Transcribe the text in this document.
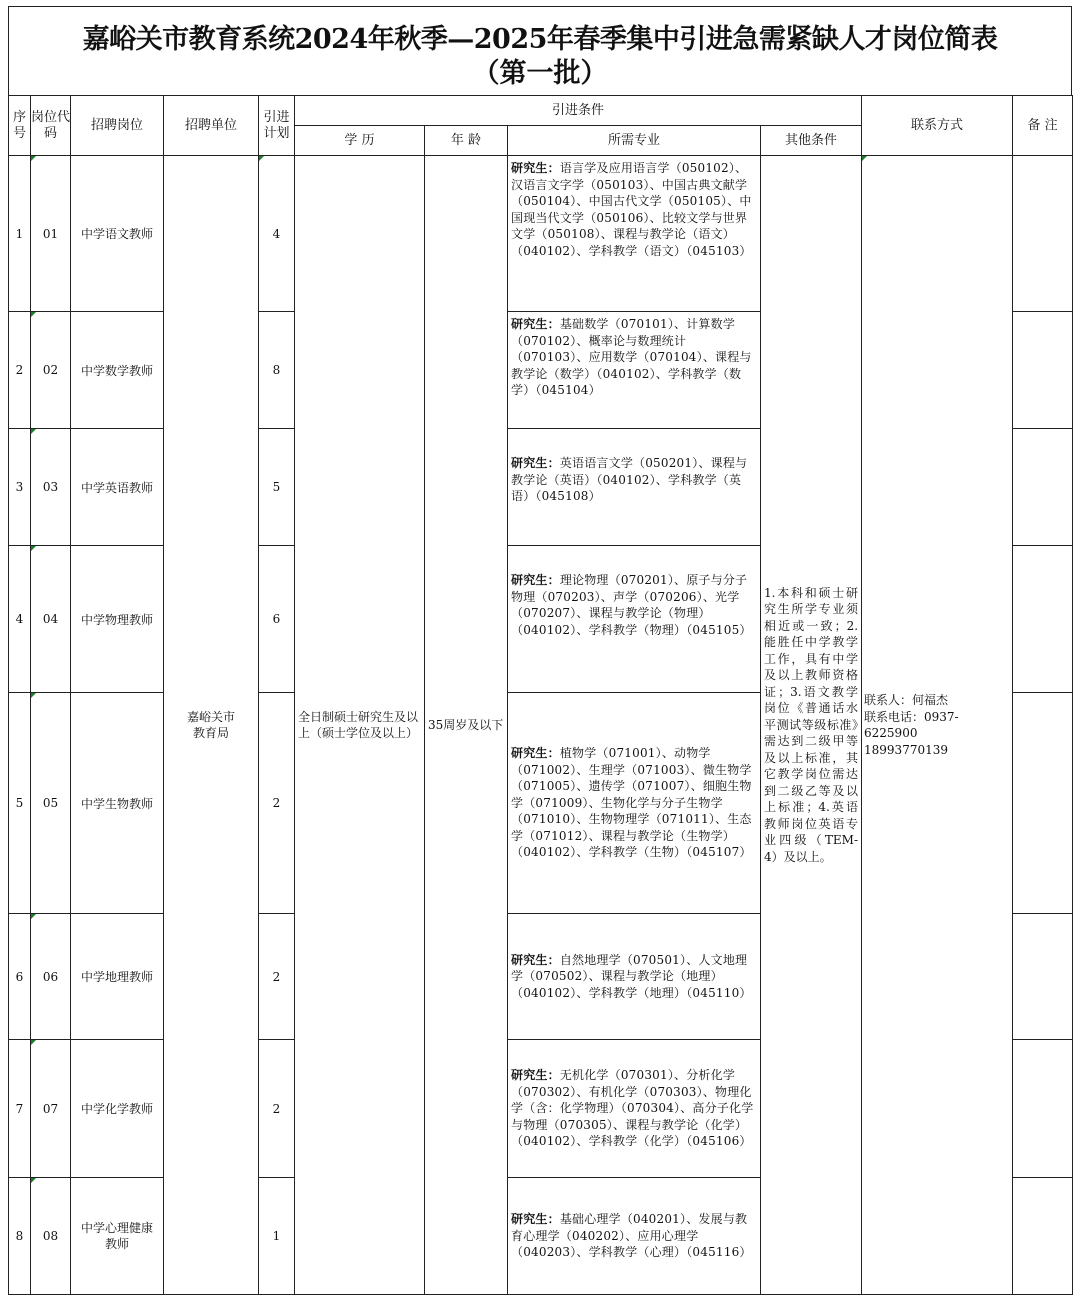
嘉峪关市教育系统2024年秋季—2025年春季集中引进急需紧缺人才岗位简表
（第一批）
序号	岗位代码	招聘岗位	招聘单位	引进计划	引进条件				联系方式	备 注
					学 历	年 龄	所需专业	其他条件		
1	01	中学语文教师	嘉峪关市教育局	4	全日制硕士研究生及以上（硕士学位及以上）	35周岁及以下	研究生：语言学及应用语言学（050102）、汉语言文字学（050103）、中国古典文献学（050104）、中国古代文学（050105）、中国现当代文学（050106）、比较文学与世界文学（050108）、课程与教学论（语文）（040102）、学科教学（语文）（045103）	1.本科和硕士研究生所学专业须相近或一致；2.能胜任中学教学工作，具有中学及以上教师资格证；3.语文教学岗位《普通话水平测试等级标准》需达到二级甲等及以上标准，其它教学岗位需达到二级乙等及以上标准；4.英语教师岗位英语专业四级（TEM-4）及以上。	联系人：何福杰
联系电话：0937-6225900
18993770139	

2	02	中学数学教师		8			研究生：基础数学（070101）、计算数学（070102）、概率论与数理统计（070103）、应用数学（070104）、课程与教学论（数学）（040102）、学科教学（数学）（045104）			
3	03	中学英语教师		5			研究生：英语语言文学（050201）、课程与教学论（英语）（040102）、学科教学（英语）（045108）			
4	04	中学物理教师		6			研究生：理论物理（070201）、原子与分子物理（070203）、声学（070206）、光学（070207）、课程与教学论（物理）（040102）、学科教学（物理）（045105）			
5	05	中学生物教师		2			研究生：植物学（071001）、动物学（071002）、生理学（071003）、微生物学（071005）、遗传学（071007）、细胞生物学（071009）、生物化学与分子生物学（071010）、生物物理学（071011）、生态学（071012）、课程与教学论（生物学）（040102）、学科教学（生物）（045107）			
6	06	中学地理教师		2			研究生：自然地理学（070501）、人文地理学（070502）、课程与教学论（地理）（040102）、学科教学（地理）（045110）			
7	07	中学化学教师		2			研究生：无机化学（070301）、分析化学（070302）、有机化学（070303）、物理化学（含：化学物理）（070304）、高分子化学与物理（070305）、课程与教学论（化学）（040102）、学科教学（化学）（045106）			
8	08	中学心理健康教师		1			研究生：基础心理学（040201）、发展与教育心理学（040202）、应用心理学（040203）、学科教学（心理）（045116）			
